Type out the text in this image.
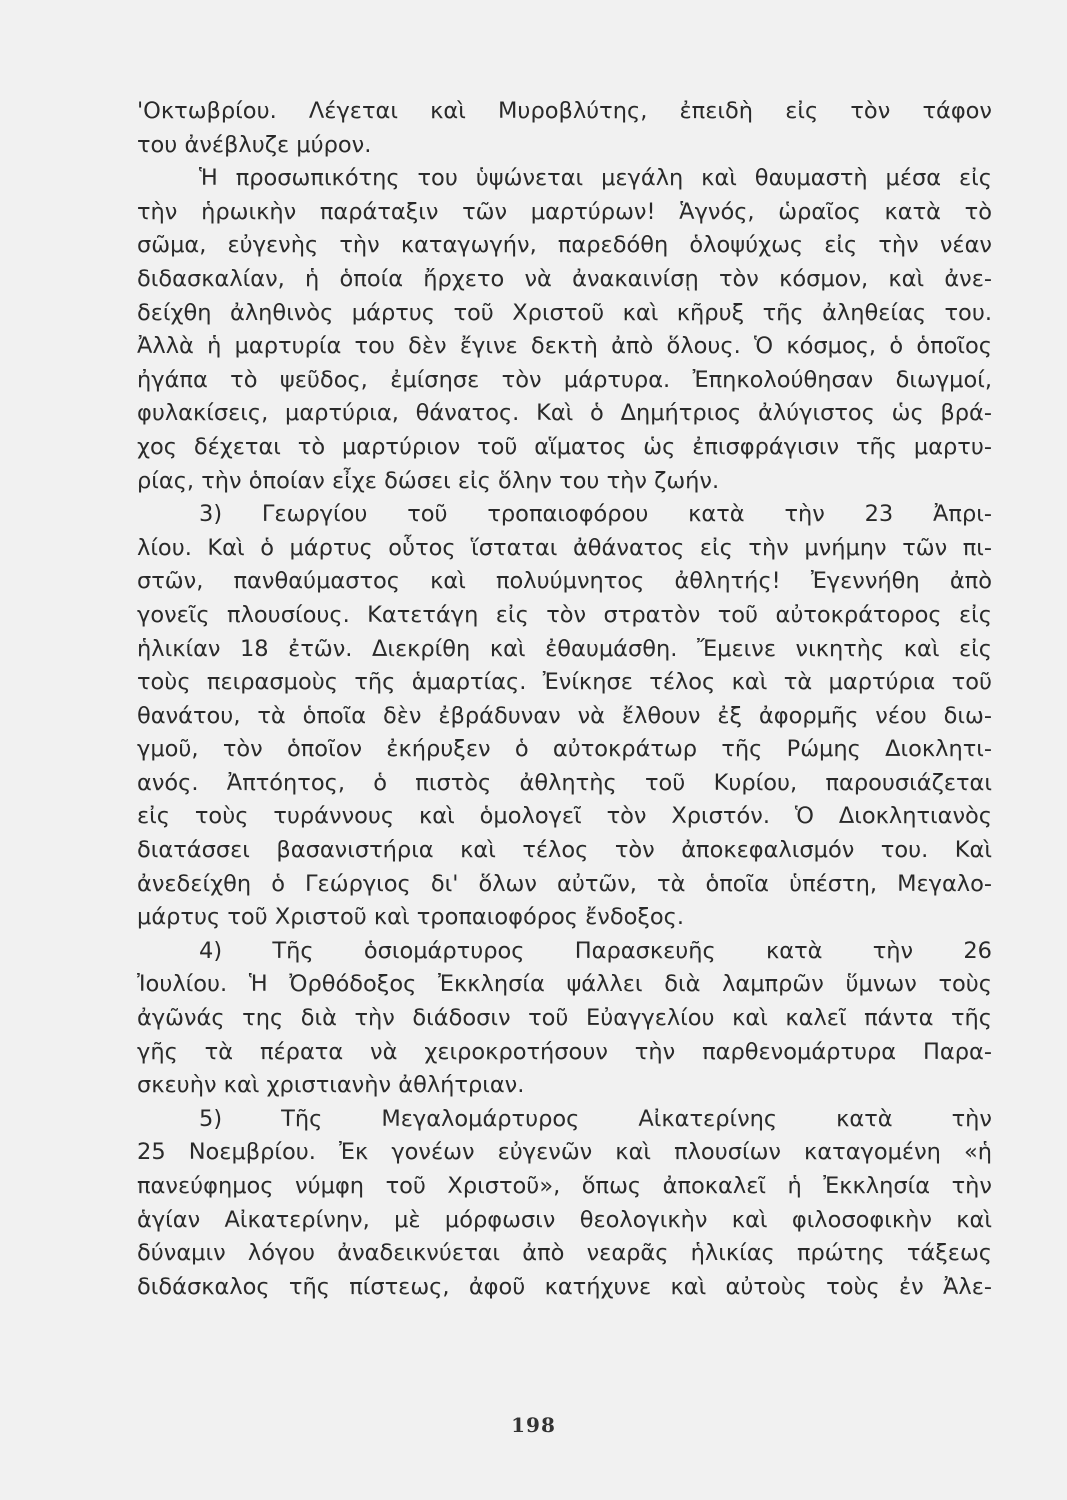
'Οκτωβρίου. Λέγεται καὶ Μυροβλύτης, ἐπειδὴ εἰς τὸν τάφον
του ἀνέβλυζε μύρον.
Ἡ προσωπικότης του ὑψώνεται μεγάλη καὶ θαυμαστὴ μέσα εἰς
τὴν ἡρωικὴν παράταξιν τῶν μαρτύρων! Ἁγνός, ὡραῖος κατὰ τὸ
σῶμα, εὐγενὴς τὴν καταγωγήν, παρεδόθη ὁλοψύχως εἰς τὴν νέαν
διδασκαλίαν, ἡ ὁποία ἤρχετο νὰ ἀνακαινίσῃ τὸν κόσμον, καὶ ἀνε-
δείχθη ἀληθινὸς μάρτυς τοῦ Χριστοῦ καὶ κῆρυξ τῆς ἀληθείας του.
Ἀλλὰ ἡ μαρτυρία του δὲν ἔγινε δεκτὴ ἀπὸ ὅλους. Ὁ κόσμος, ὁ ὁποῖος
ἠγάπα τὸ ψεῦδος, ἐμίσησε τὸν μάρτυρα. Ἐπηκολούθησαν διωγμοί,
φυλακίσεις, μαρτύρια, θάνατος. Καὶ ὁ Δημήτριος ἀλύγιστος ὡς βρά-
χος δέχεται τὸ μαρτύριον τοῦ αἵματος ὡς ἐπισφράγισιν τῆς μαρτυ-
ρίας, τὴν ὁποίαν εἶχε δώσει εἰς ὅλην του τὴν ζωήν.
3) Γεωργίου τοῦ τροπαιοφόρου κατὰ τὴν 23 Ἀπρι-
λίου. Καὶ ὁ μάρτυς οὗτος ἵσταται ἀθάνατος εἰς τὴν μνήμην τῶν πι-
στῶν, πανθαύμαστος καὶ πολυύμνητος ἀθλητής! Ἐγεννήθη ἀπὸ
γονεῖς πλουσίους. Κατετάγη εἰς τὸν στρατὸν τοῦ αὐτοκράτορος εἰς
ἡλικίαν 18 ἐτῶν. Διεκρίθη καὶ ἐθαυμάσθη. Ἔμεινε νικητὴς καὶ εἰς
τοὺς πειρασμοὺς τῆς ἁμαρτίας. Ἐνίκησε τέλος καὶ τὰ μαρτύρια τοῦ
θανάτου, τὰ ὁποῖα δὲν ἐβράδυναν νὰ ἔλθουν ἐξ ἀφορμῆς νέου διω-
γμοῦ, τὸν ὁποῖον ἐκήρυξεν ὁ αὐτοκράτωρ τῆς Ρώμης Διοκλητι-
ανός. Ἀπτόητος, ὁ πιστὸς ἀθλητὴς τοῦ Κυρίου, παρουσιάζεται
εἰς τοὺς τυράννους καὶ ὁμολογεῖ τὸν Χριστόν. Ὁ Διοκλητιανὸς
διατάσσει βασανιστήρια καὶ τέλος τὸν ἀποκεφαλισμόν του. Καὶ
ἀνεδείχθη ὁ Γεώργιος δι' ὅλων αὐτῶν, τὰ ὁποῖα ὑπέστη, Μεγαλο-
μάρτυς τοῦ Χριστοῦ καὶ τροπαιοφόρος ἔνδοξος.
4) Τῆς ὁσιομάρτυρος Παρασκευῆς κατὰ τὴν 26
Ἰουλίου. Ἡ Ὀρθόδοξος Ἐκκλησία ψάλλει διὰ λαμπρῶν ὕμνων τοὺς
ἀγῶνάς της διὰ τὴν διάδοσιν τοῦ Εὐαγγελίου καὶ καλεῖ πάντα τῆς
γῆς τὰ πέρατα νὰ χειροκροτήσουν τὴν παρθενομάρτυρα Παρα-
σκευὴν καὶ χριστιανὴν ἀθλήτριαν.
5) Τῆς Μεγαλομάρτυρος Αἰκατερίνης κατὰ τὴν
25 Νοεμβρίου. Ἐκ γονέων εὐγενῶν καὶ πλουσίων καταγομένη «ἡ
πανεύφημος νύμφη τοῦ Χριστοῦ», ὅπως ἀποκαλεῖ ἡ Ἐκκλησία τὴν
ἁγίαν Αἰκατερίνην, μὲ μόρφωσιν θεολογικὴν καὶ φιλοσοφικὴν καὶ
δύναμιν λόγου ἀναδεικνύεται ἀπὸ νεαρᾶς ἡλικίας πρώτης τάξεως
διδάσκαλος τῆς πίστεως, ἀφοῦ κατήχυνε καὶ αὐτοὺς τοὺς ἐν Ἀλε-
198
